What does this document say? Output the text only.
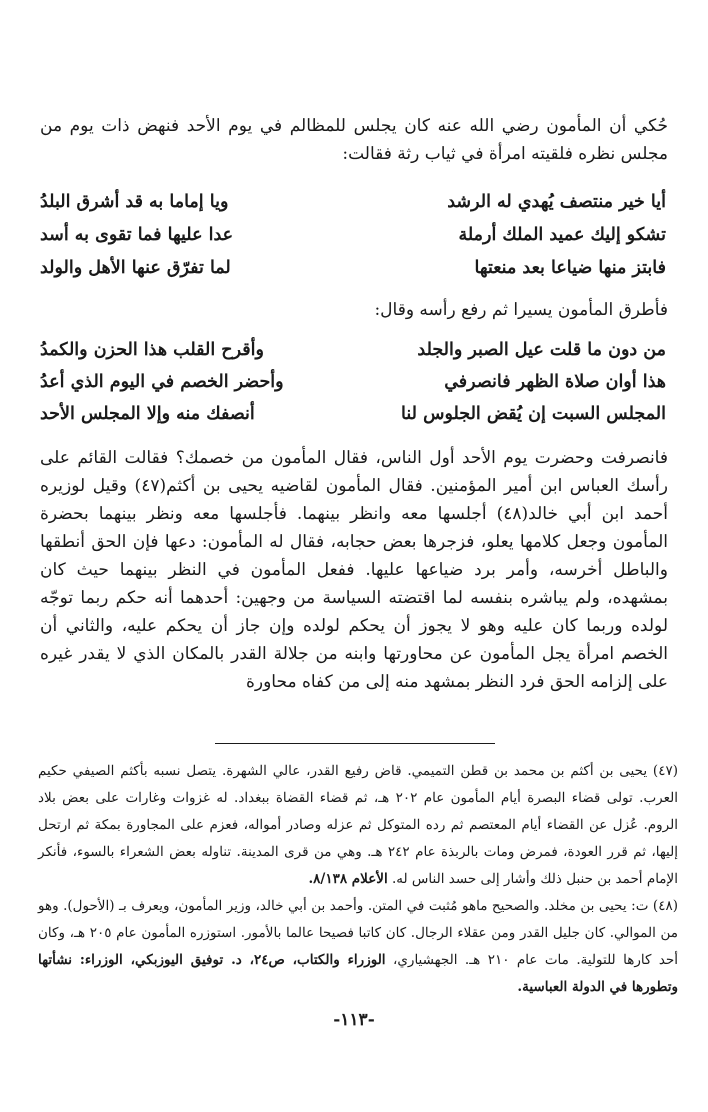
حُكي أن المأمون رضي الله عنه كان يجلس للمظالم في يوم الأحد فنهض ذات يوم من مجلس نظره فلقيته امرأة في ثياب رثة فقالت:

أيا خير منتصف يُهدي له الرشد
ويا إماما به قد أشرق البلدُ
تشكو إليك عميد الملك أرملة
عدا عليها فما تقوى به أسد
فابتز منها ضياعا بعد منعتها
لما تفرّق عنها الأهل والولد

فأطرق المأمون يسيرا ثم رفع رأسه وقال:

من دون ما قلت عيل الصبر والجلد
وأقرح القلب هذا الحزن والكمدُ
هذا أوان صلاة الظهر فانصرفي
وأحضر الخصم في اليوم الذي أعدُ
المجلس السبت إن يُقض الجلوس لنا
أنصفك منه وإلا المجلس الأحد

فانصرفت وحضرت يوم الأحد أول الناس، فقال المأمون من خصمك؟ فقالت القائم على رأسك العباس ابن أمير المؤمنين. فقال المأمون لقاضيه يحيى بن أكثم(٤٧) وقيل لوزيره أحمد ابن أبي خالد(٤٨) أجلسها معه وانظر بينهما. فأجلسها معه ونظر بينهما بحضرة المأمون وجعل كلامها يعلو، فزجرها بعض حجابه، فقال له المأمون: دعها فإن الحق أنطقها والباطل أخرسه، وأمر برد ضياعها عليها. ففعل المأمون في النظر بينهما حيث كان بمشهده، ولم يباشره بنفسه لما اقتضته السياسة من وجهين: أحدهما أنه حكم ربما توجّه لولده وربما كان عليه وهو لا يجوز أن يحكم لولده وإن جاز أن يحكم عليه، والثاني أن الخصم امرأة يجل المأمون عن محاورتها وابنه من جلالة القدر بالمكان الذي لا يقدر غيره على إلزامه الحق فرد النظر بمشهد منه إلى من كفاه محاورة

(٤٧) يحيى بن أكثم بن محمد بن قطن التميمي. قاض رفيع القدر، عالي الشهرة. يتصل نسبه بأكثم الصيفي حكيم العرب. تولى قضاء البصرة أيام المأمون عام ٢٠٢ هـ، ثم قضاء القضاة ببغداد. له غزوات وغارات على بعض بلاد الروم. عُزل عن القضاء أيام المعتصم ثم رده المتوكل ثم عزله وصادر أمواله، فعزم على المجاورة بمكة ثم ارتحل إليها، ثم قرر العودة، فمرض ومات بالربذة عام ٢٤٢ هـ. وهي من قرى المدينة. تناوله بعض الشعراء بالسوء، فأنكر الإمام أحمد بن حنبل ذلك وأشار إلى حسد الناس له. الأعلام ٨/١٣٨.

(٤٨) ت: يحيى بن مخلد. والصحيح ماهو مُثبت في المتن. وأحمد بن أبي خالد، وزير المأمون، ويعرف بـ (الأحول). وهو من الموالي. كان جليل القدر ومن عقلاء الرجال. كان كاتبا فصيحا عالما بالأمور. استوزره المأمون عام ٢٠٥ هـ، وكان أحد كارها للتولية. مات عام ٢١٠ هـ. الجهشياري، الوزراء والكتاب، ص٢٤، د. توفيق اليوزبكي، الوزراء: نشأتها وتطورها في الدولة العباسية.

-١١٣-
